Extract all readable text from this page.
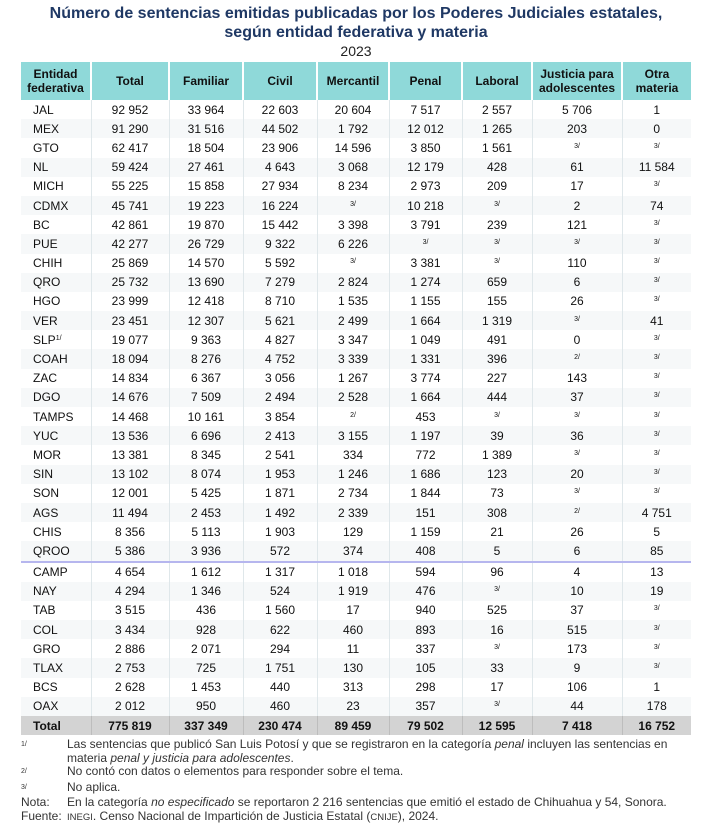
Número de sentencias emitidas publicadas por los Poderes Judiciales estatales,
según entidad federativa y materia
2023
Entidad federativa	Total	Familiar	Civil	Mercantil	Penal	Laboral	Justicia para adolescentes	Otra materia
JAL	92 952	33 964	22 603	20 604	7 517	2 557	5 706	1
MEX	91 290	31 516	44 502	1 792	12 012	1 265	203	0
GTO	62 417	18 504	23 906	14 596	3 850	1 561	$^{3/}$	$^{3/}$
NL	59 424	27 461	4 643	3 068	12 179	428	61	11 584
MICH	55 225	15 858	27 934	8 234	2 973	209	17	$^{3/}$
CDMX	45 741	19 223	16 224	$^{3/}$	10 218	$^{3/}$	2	74
BC	42 861	19 870	15 442	3 398	3 791	239	121	$^{3/}$
PUE	42 277	26 729	9 322	6 226	$^{3/}$	$^{3/}$	$^{3/}$	$^{3/}$
CHIH	25 869	14 570	5 592	$^{3/}$	3 381	$^{3/}$	110	$^{3/}$
QRO	25 732	13 690	7 279	2 824	1 274	659	6	$^{3/}$
HGO	23 999	12 418	8 710	1 535	1 155	155	26	$^{3/}$
VER	23 451	12 307	5 621	2 499	1 664	1 319	$^{3/}$	41
$SLP^{1/}$	19 077	9 363	4 827	3 347	1 049	491	0	$^{3/}$
COAH	18 094	8 276	4 752	3 339	1 331	396	$^{2/}$	$^{3/}$
ZAC	14 834	6 367	3 056	1 267	3 774	227	143	$^{3/}$
DGO	14 676	7 509	2 494	2 528	1 664	444	37	$^{3/}$
TAMPS	14 468	10 161	3 854	$^{2/}$	453	$^{3/}$	$^{3/}$	$^{3/}$
YUC	13 536	6 696	2 413	3 155	1 197	39	36	$^{3/}$
MOR	13 381	8 345	2 541	334	772	1 389	$^{3/}$	$^{3/}$
SIN	13 102	8 074	1 953	1 246	1 686	123	20	$^{3/}$
SON	12 001	5 425	1 871	2 734	1 844	73	$^{3/}$	$^{3/}$
AGS	11 494	2 453	1 492	2 339	151	308	$^{2/}$	4 751
CHIS	8 356	5 113	1 903	129	1 159	21	26	5
QROO	5 386	3 936	572	374	408	5	6	85
CAMP	4 654	1 612	1 317	1 018	594	96	4	13
NAY	4 294	1 346	524	1 919	476	$^{3/}$	10	19
TAB	3 515	436	1 560	17	940	525	37	$^{3/}$
COL	3 434	928	622	460	893	16	515	$^{3/}$
GRO	2 886	2 071	294	11	337	$^{3/}$	173	$^{3/}$
TLAX	2 753	725	1 751	130	105	33	9	$^{3/}$
BCS	2 628	1 453	440	313	298	17	106	1
OAX	2 012	950	460	23	357	$^{3/}$	44	178
Total	775 819	337 349	230 474	89 459	79 502	12 595	7 418	16 752
$^{1/}$	Las sentencias que publicó San Luis Potosí y que se registraron en la categoría penal incluyen las sentencias en materia penal y justicia para adolescentes.
$^{2/}$	No contó con datos o elementos para responder sobre el tema.
$^{3/}$	No aplica.
Nota:	En la categoría no especificado se reportaron 2 216 sentencias que emitió el estado de Chihuahua y 54, Sonora.
Fuente: INEGI. Censo Nacional de Impartición de Justicia Estatal (CNIJE), 2024.
